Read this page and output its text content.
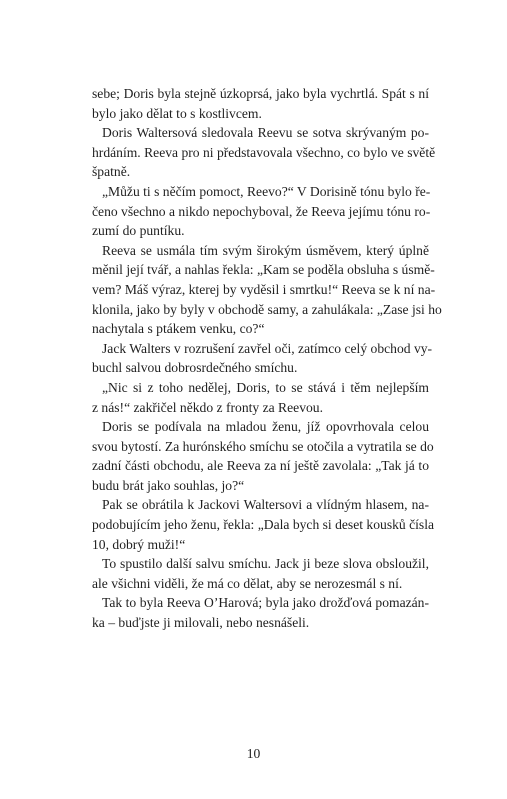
sebe; Doris byla stejně úzkoprsá, jako byla vychrtlá. Spát s ní
bylo jako dělat to s kostlivcem.

Doris Waltersová sledovala Reevu se sotva skrývaným po-
hrdáním. Reeva pro ni představovala všechno, co bylo ve světě
špatně.

„Můžu ti s něčím pomoct, Reevo?“ V Dorisině tónu bylo ře-
čeno všechno a nikdo nepochyboval, že Reeva jejímu tónu ro-
zumí do puntíku.

Reeva se usmála tím svým širokým úsměvem, který úplně
měnil její tvář, a nahlas řekla: „Kam se poděla obsluha s úsmě-
vem? Máš výraz, kterej by vyděsil i smrtku!“ Reeva se k ní na-
klonila, jako by byly v obchodě samy, a zahulákala: „Zase jsi ho
nachytala s ptákem venku, co?“

Jack Walters v rozrušení zavřel oči, zatímco celý obchod vy-
buchl salvou dobrosrdečného smíchu.

„Nic si z toho nedělej, Doris, to se stává i těm nejlepším
z nás!“ zakřičel někdo z fronty za Reevou.

Doris se podívala na mladou ženu, jíž opovrhovala celou
svou bytostí. Za hurónského smíchu se otočila a vytratila se do
zadní části obchodu, ale Reeva za ní ještě zavolala: „Tak já to
budu brát jako souhlas, jo?“

Pak se obrátila k Jackovi Waltersovi a vlídným hlasem, na-
podobujícím jeho ženu, řekla: „Dala bych si deset kousků čísla
10, dobrý muži!“

To spustilo další salvu smíchu. Jack ji beze slova obsloužil,
ale všichni viděli, že má co dělat, aby se nerozesmál s ní.

Tak to byla Reeva O’Harová; byla jako drožďová pomazán-
ka – buďjste ji milovali, nebo nesnášeli.

10
